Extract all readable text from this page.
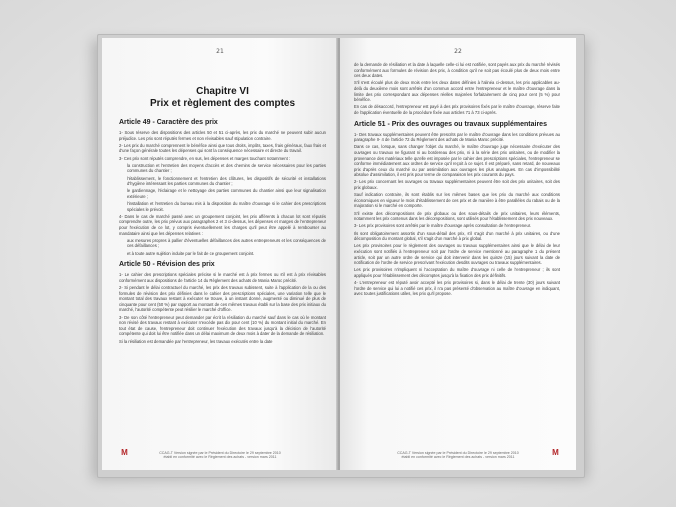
21
Chapitre VI
Prix et règlement des comptes
Article 49 - Caractère des prix

1- Sous réserve des dispositions des articles 50 et 51 ci-après, les prix du marché ne peuvent subir aucun préjudice. Les prix sont réputés fermes et non révisables sauf stipulation contraire.

2- Les prix du marché comprennent le bénéfice ainsi que tous droits, impôts, taxes, frais généraux, faux frais et d'une façon générale toutes les dépenses qui sont la conséquence nécessaire et directe du travail.

3- Ces prix sont réputés comprendre, en sus, les dépenses et marges touchant notamment :

la construction et l'entretien des moyens d'accès et des chemins de service nécessaires pour les parties communes du chantier ;

l'établissement, le fonctionnement et l'entretien des clôtures, les dispositifs de sécurité et installations d'hygiène intéressant les parties communes du chantier ;

le gardiennage, l'éclairage et le nettoyage des parties communes du chantier ainsi que leur signalisation extérieure ;

l'installation et l'entretien du bureau mis à la disposition du maître d'ouvrage si le cahier des prescriptions spéciales le prévoit.

4- Dans le cas de marché passé avec un groupement conjoint, les prix afférents à chacun lot sont réputés comprendre outre, les prix prévus aux paragraphes 2 et 3 ci-dessus, les dépenses et marges de l'entrepreneur pour l'exécution de ce lot, y compris éventuellement les charges qu'il peut être appelé à rembourser au mandataire ainsi que les dépenses relatives :

aux mesures propres à pallier d'éventuelles défaillances des autres entrepreneurs et les conséquences de ces défaillances ;

et à toute autre sujétion induite par le fait de ce groupement conjoint.

Article 50 - Révision des prix

1- Le cahier des prescriptions spéciales précise si le marché est à prix fermes ou s'il est à prix révisables conformément aux dispositions de l'article 14 du Règlement des achats de Mania Maroc précité.

2- Si pendant le délai contractuel du marché, les prix des travaux subissent, suite à l'application de la ou des formules de révision des prix définies dans le cahier des prescriptions spéciales, une variation telle que le montant total des travaux restant à exécuter se trouve, à un instant donné, augmenté ou diminué de plus de cinquante pour cent (50 %) par rapport au montant de ces mêmes travaux établi sur la base des prix initiaux du marché, l'autorité compétente peut résilier le marché d'office.

3- De son côté l'entrepreneur peut demander par écrit la résiliation du marché sauf dans le cas où le montant non révisé des travaux restant à exécuter n'excède pas dix pour cent (10 %) du montant initial du marché. En tout état de cause, l'entrepreneur doit continuer l'exécution des travaux jusqu'à la décision de l'autorité compétente qui doit lui être notifiée dans un délai maximum de deux mois à dater de la demande de résiliation.

Si la résiliation est demandée par l'entrepreneur, les travaux exécutés entre la date

M	CCAG-T Version signée par le Président du Directoire le 29 septembre 2010
établi en conformité avec le Règlement des achats - version mars 2011
22

de la demande de résiliation et la date à laquelle celle-ci lui est notifiée, sont payés aux prix du marché révisés conformément aux formules de révision des prix, à condition qu'il ne soit pas écoulé plus de deux mois entre ces deux dates.

S'il s'est écoulé plus de deux mois entre les deux dates définies à l'alinéa ci-dessus, les prix applicables au-delà du deuxième mois sont arrêtés d'un commun accord entre l'entrepreneur et le maître d'ouvrage dans la limite des prix correspondant aux dépenses réelles majorées forfaitairement de cinq pour cent (5 %) pour bénéfice.

En cas de désaccord, l'entrepreneur est payé à des prix provisoires fixés par le maître d'ouvrage, réserve faite de l'application éventuelle de la procédure fixée aux articles 71 à 73 ci-après.

Article 51 - Prix des ouvrages ou travaux supplémentaires

1- Des travaux supplémentaires peuvent être prescrits par le maître d'ouvrage dans les conditions prévues au paragraphe II- 4 de l'article 72 du Règlement des achats de Mania Maroc précité.

Dans ce cas, lorsque, sans changer l'objet du marché, le maître d'ouvrage juge nécessaire d'exécuter des ouvrages ou travaux ne figurant ni au bordereau des prix, ni à la série des prix unitaires, ou de modifier la provenance des matériaux telle qu'elle est imposée par le cahier des prescriptions spéciales, l'entrepreneur se conforme immédiatement aux ordres de service qu'il reçoit à ce sujet. Il est préparé, sans retard, de nouveaux prix d'après ceux du marché ou par assimilation aux ouvrages les plus analogues. En cas d'impossibilité absolue d'assimilation, il est pris pour terme de comparaison les prix courants du pays.

2- Les prix concernant les ouvrages ou travaux supplémentaires peuvent être soit des prix unitaires, soit des prix globaux.

Sauf indication contraire, ils sont établis sur les mêmes bases que les prix du marché aux conditions économiques en vigueur le mois d'établissement de ces prix et de manière à être parallèles du rabais ou de la majoration si le marché en comporte.

S'il existe des décompositions de prix globaux ou des sous-détails de prix unitaires, leurs éléments, notamment les prix contenus dans les décompositions, sont utilisés pour l'établissement des prix nouveaux.

3- Les prix provisoires sont arrêtés par le maître d'ouvrage après consultation de l'entrepreneur.

Ils sont obligatoirement assortis d'un sous-détail des prix, s'il s'agit d'un marché à prix unitaires, ou d'une décomposition du montant global, s'il s'agit d'un marché à prix global.

Les prix provisoires pour le règlement des ouvrages ou travaux supplémentaires ainsi que le délai de leur exécution sont notifiés à l'entrepreneur soit par l'ordre de service mentionné au paragraphe 1 du présent article, soit par un autre ordre de service qui doit intervenir dans les quinze (15) jours suivant la date de notification de l'ordre de service prescrivant l'exécution desdits ouvrages ou travaux supplémentaires.

Les prix provisoires n'impliquent ni l'acceptation du maître d'ouvrage ni celle de l'entrepreneur ; ils sont appliqués pour l'établissement des décomptes jusqu'à la fixation des prix définitifs.

4- L'entrepreneur est réputé avoir accepté les prix provisoires si, dans le délai de trente (30) jours suivant l'ordre de service qui lui a notifié ces prix, il n'a pas présenté d'observation au maître d'ouvrage en indiquant, avec toutes justifications utiles, les prix qu'il propose.

M
CCAG-T Version signée par le Président du Directoire le 29 septembre 2010
établi en conformité avec le Règlement des achats - version mars 2011
